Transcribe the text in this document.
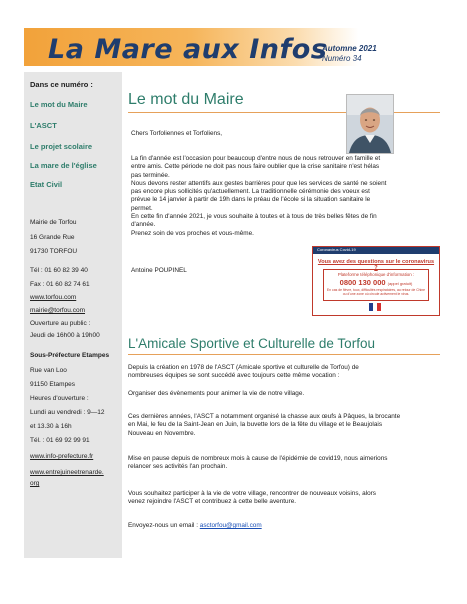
La Mare aux Infos
Automne 2021
Numéro 34
Dans ce numéro :
Le mot du Maire
L'ASCT
Le projet scolaire
La mare de l'église
Etat Civil
Mairie de Torfou
16 Grande Rue
91730 TORFOU
Tél : 01 60 82 39 40
Fax : 01 60 82 74 61
www.torfou.com
mairie@torfou.com
Ouverture au public :
Jeudi de 16h00 à 19h00
Sous-Préfecture Etampes
Rue van Loo
91150 Etampes
Heures d'ouverture :
Lundi au vendredi : 9—12
et 13.30 à 16h
Tél. : 01 69 92 99 91
www.info-prefecture.fr
www.entrejuineetrenarde.
org
Le mot du Maire
Chers Torfoliennes et Torfoliens,

La fin d'année est l'occasion pour beaucoup d'entre nous de nous retrouver en famille et

entre amis. Cette période ne doit pas nous faire oublier que la crise sanitaire n'est hélas

pas terminée.

Nous devons rester attentifs aux gestes barrières pour que les services de santé ne soient

pas encore plus sollicités qu'actuellement. La traditionnelle cérémonie des voeux est

prévue le 14 janvier à partir de 19h dans le préau de l'école si la situation sanitaire le

permet.

En cette fin d'année 2021, je vous souhaite à toutes et à tous de très belles fêtes de fin

d'année.

Prenez soin de vos proches et vous-même.

Antoine POUPINEL
Coronavirus Covid-19
Vous avez des questions sur le coronavirus ?
Plateforme téléphonique d'information :
0800 130 000 (appel gratuit)
En cas de fièvre, toux, difficultés respiratoires, au retour de Chine ou d'une zone où circule activement le virus.
L'Amicale Sportive et Culturelle de Torfou

Depuis la création en 1978 de l'ASCT (Amicale sportive et culturelle de Torfou) de

nombreuses équipes se sont succédé avec toujours cette même vocation :

Organiser des évènements pour animer la vie de notre village.

Ces dernières années, l'ASCT a notamment organisé la chasse aux œufs à Pâques, la brocante

en Mai, le feu de la Saint-Jean en Juin, la buvette lors de la fête du village et le Beaujolais

Nouveau en Novembre.

Mise en pause depuis de nombreux mois à cause de l'épidémie de covid19, nous aimerions

relancer ses activités l'an prochain.

Vous souhaitez participer à la vie de votre village, rencontrer de nouveaux voisins, alors

venez rejoindre l'ASCT et contribuez à cette belle aventure.

Envoyez-nous un email : asctorfou@gmail.com
